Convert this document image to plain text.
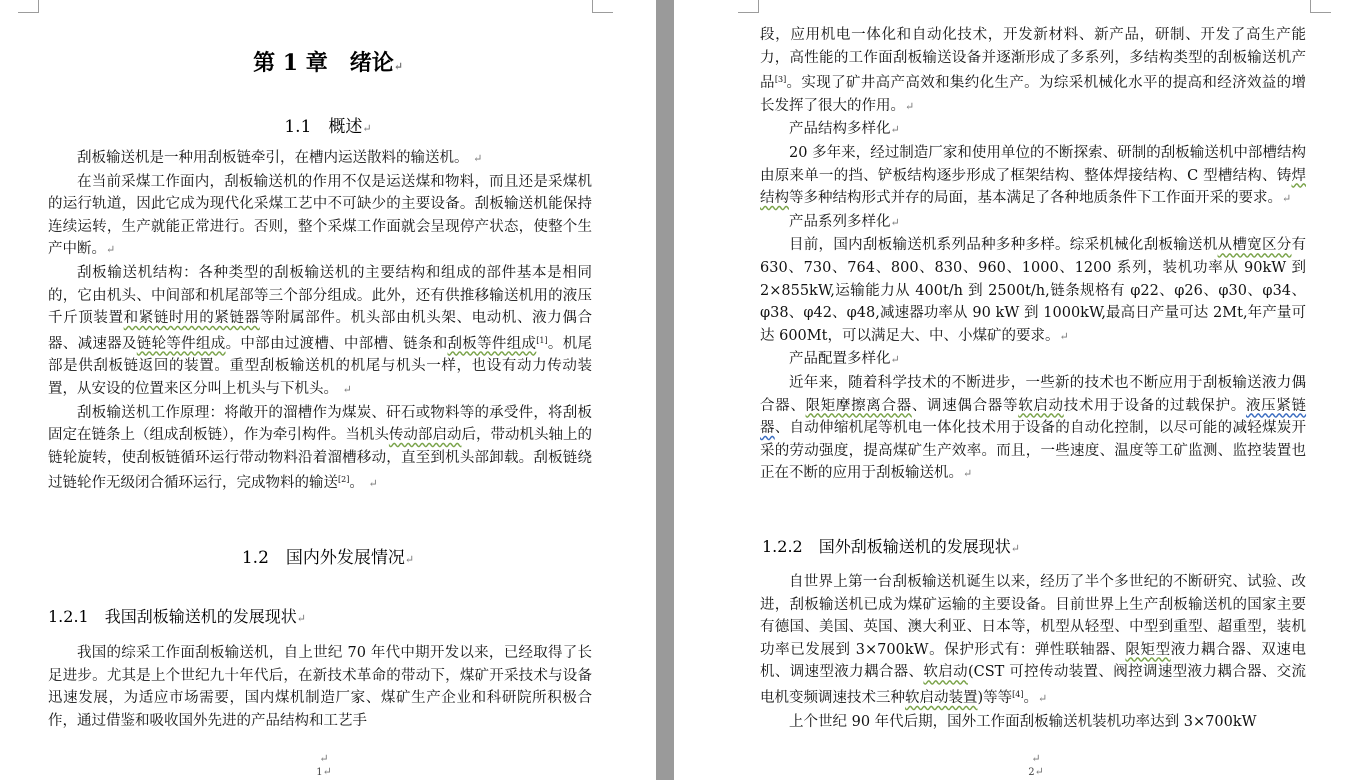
第 1 章　绪论↵
1.1　概述↵

刮板输送机是一种用刮板链牵引，在槽内运送散料的输送机。 ↵

在当前采煤工作面内，刮板输送机的作用不仅是运送煤和物料，而且还是采煤机的运行轨道，因此它成为现代化采煤工艺中不可缺少的主要设备。刮板输送机能保持连续运转，生产就能正常进行。否则，整个采煤工作面就会呈现停产状态，使整个生产中断。↵

刮板输送机结构：各种类型的刮板输送机的主要结构和组成的部件基本是相同的，它由机头、中间部和机尾部等三个部分组成。此外，还有供推移输送机用的液压千斤顶装置和紧链时用的紧链器等附属部件。机头部由机头架、电动机、液力偶合器、减速器及链轮等件组成。中部由过渡槽、中部槽、链条和刮板等件组成[1]。机尾部是供刮板链返回的装置。重型刮板输送机的机尾与机头一样，也设有动力传动装置，从安设的位置来区分叫上机头与下机头。 ↵

刮板输送机工作原理：将敞开的溜槽作为煤炭、矸石或物料等的承受件，将刮板固定在链条上（组成刮板链），作为牵引构件。当机头传动部启动后，带动机头轴上的链轮旋转，使刮板链循环运行带动物料沿着溜槽移动，直至到机头部卸载。刮板链绕过链轮作无级闭合循环运行，完成物料的输送[2]。 ↵

1.2　国内外发展情况↵
1.2.1　我国刮板输送机的发展现状↵

我国的综采工作面刮板输送机，自上世纪 70 年代中期开发以来，已经取得了长足进步。尤其是上个世纪九十年代后，在新技术革命的带动下，煤矿开采技术与设备迅速发展，为适应市场需要，国内煤机制造厂家、煤矿生产企业和科研院所积极合作，通过借鉴和吸收国外先进的产品结构和工艺手

↵
1↵

段，应用机电一体化和自动化技术，开发新材料、新产品，研制、开发了高生产能力，高性能的工作面刮板输送设备并逐渐形成了多系列，多结构类型的刮板输送机产品[3]。实现了矿井高产高效和集约化生产。为综采机械化水平的提高和经济效益的增长发挥了很大的作用。↵

产品结构多样化↵

20 多年来，经过制造厂家和使用单位的不断探索、研制的刮板输送机中部槽结构由原来单一的挡、铲板结构逐步形成了框架结构、整体焊接结构、C 型槽结构、铸焊结构等多种结构形式并存的局面，基本满足了各种地质条件下工作面开采的要求。↵

产品系列多样化↵

目前，国内刮板输送机系列品种多种多样。综采机械化刮板输送机从槽宽区分有 630、730、764、800、830、960、1000、1200 系列，装机功率从 90kW 到 2×855kW,运输能力从 400t/h 到 2500t/h,链条规格有 φ22、φ26、φ30、φ34、φ38、φ42、φ48,减速器功率从 90 kW 到 1000kW,最高日产量可达 2Mt,年产量可达 600Mt，可以满足大、中、小煤矿的要求。↵

产品配置多样化↵

近年来，随着科学技术的不断进步，一些新的技术也不断应用于刮板输送液力偶合器、限矩摩擦离合器、调速偶合器等软启动技术用于设备的过载保护。液压紧链器、自动伸缩机尾等机电一体化技术用于设备的自动化控制，以尽可能的减轻煤炭开采的劳动强度，提高煤矿生产效率。而且，一些速度、温度等工矿监测、监控装置也正在不断的应用于刮板输送机。↵

1.2.2　国外刮板输送机的发展现状↵

自世界上第一台刮板输送机诞生以来，经历了半个多世纪的不断研究、试验、改进，刮板输送机已成为煤矿运输的主要设备。目前世界上生产刮板输送机的国家主要有德国、美国、英国、澳大利亚、日本等，机型从轻型、中型到重型、超重型，装机功率已发展到 3×700kW。保护形式有：弹性联轴器、限矩型液力耦合器、双速电机、调速型液力耦合器、软启动(CST 可控传动装置、阀控调速型液力耦合器、交流电机变频调速技术三种软启动装置)等等[4]。↵

上个世纪 90 年代后期，国外工作面刮板输送机装机功率达到 3×700kW

↵
2↵
